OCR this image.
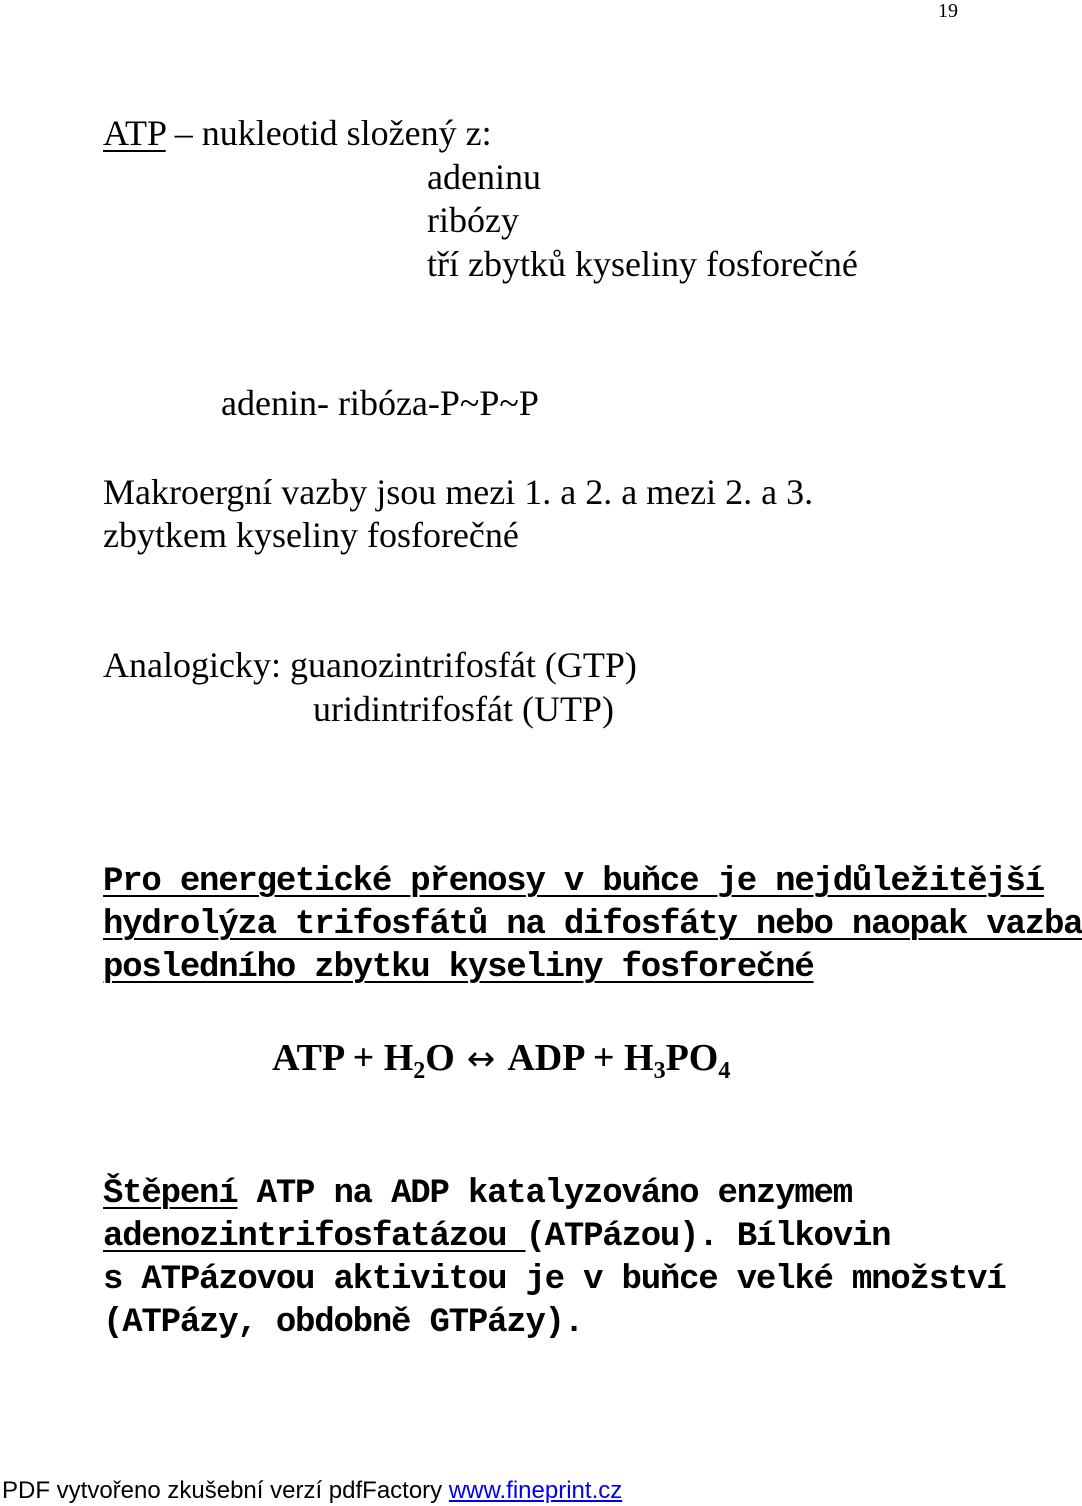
19
ATP – nukleotid složený z:
adeninu
ribózy
tří zbytků kyseliny fosforečné
adenin- ribóza-P~P~P
Makroergní vazby jsou mezi 1. a 2. a mezi 2. a 3.
zbytkem kyseliny fosforečné
Analogicky: guanozintrifosfát (GTP)
uridintrifosfát (UTP)
Pro energetické přenosy v buňce je nejdůležitější
hydrolýza trifosfátů na difosfáty nebo naopak vazba
posledního zbytku kyseliny fosforečné
ATP + $H_2O$ ↔ ADP + $H_3PO_4$
Štěpení ATP na ADP katalyzováno enzymem
adenozintrifosfatázou (ATPázou). Bílkovin
s ATPázovou aktivitou je v buňce velké množství
(ATPázy, obdobně GTPázy).
PDF vytvořeno zkušební verzí pdfFactory www.fineprint.cz
